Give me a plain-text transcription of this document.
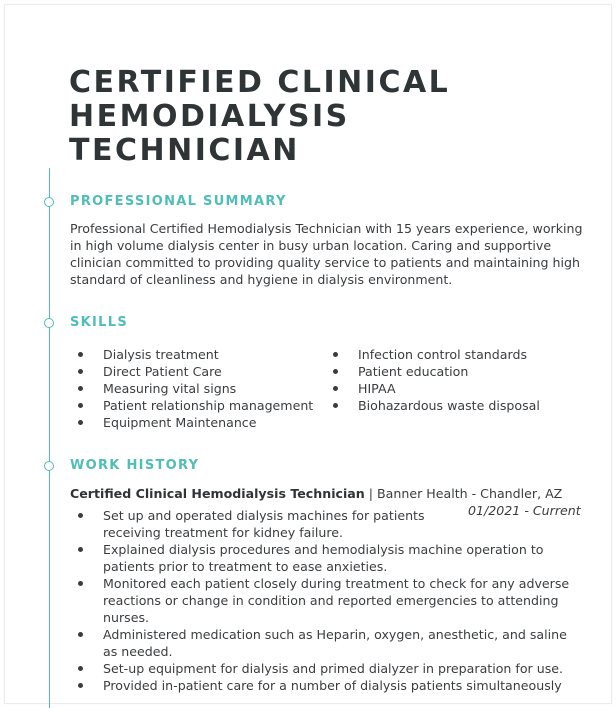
CERTIFIED CLINICAL
HEMODIALYSIS
TECHNICIAN
PROFESSIONAL SUMMARY

Professional Certified Hemodialysis Technician with 15 years experience, working in high volume dialysis center in busy urban location. Caring and supportive clinician committed to providing quality service to patients and maintaining high standard of cleanliness and hygiene in dialysis environment.

SKILLS
Dialysis treatment
Direct Patient Care
Measuring vital signs
Patient relationship management
Equipment Maintenance
Infection control standards
Patient education
HIPAA
Biohazardous waste disposal
WORK HISTORY

Certified Clinical Hemodialysis Technician | Banner Health - Chandler, AZ

01/2021 - Current
Set up and operated dialysis machines for patients
receiving treatment for kidney failure.
Explained dialysis procedures and hemodialysis machine operation to
patients prior to treatment to ease anxieties.
Monitored each patient closely during treatment to check for any adverse
reactions or change in condition and reported emergencies to attending
nurses.
Administered medication such as Heparin, oxygen, anesthetic, and saline
as needed.
Set-up equipment for dialysis and primed dialyzer in preparation for use.
Provided in-patient care for a number of dialysis patients simultaneously
